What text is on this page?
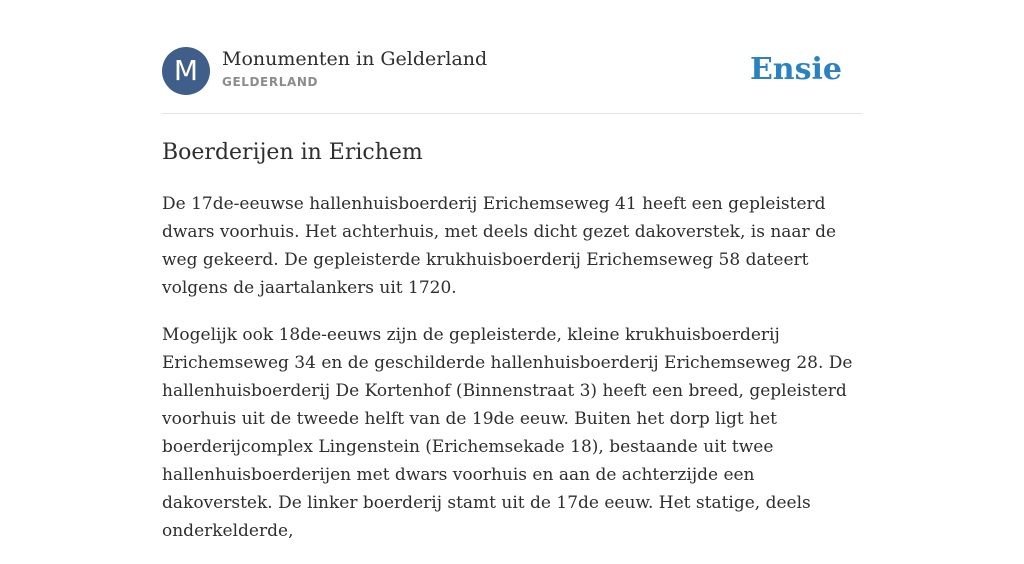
M	Monumenten in Gelderland
GELDERLAND	Ensie
Boerderijen in Erichem

De 17de-eeuwse hallenhuisboerderij Erichemseweg 41 heeft een gepleisterd dwars voorhuis. Het achterhuis, met deels dicht gezet dakoverstek, is naar de weg gekeerd. De gepleisterde krukhuisboerderij Erichemseweg 58 dateert volgens de jaartalankers uit 1720.

Mogelijk ook 18de-eeuws zijn de gepleisterde, kleine krukhuisboerderij Erichemseweg 34 en de geschilderde hallenhuisboerderij Erichemseweg 28. De hallenhuisboerderij De Kortenhof (Binnenstraat 3) heeft een breed, gepleisterd voorhuis uit de tweede helft van de 19de eeuw. Buiten het dorp ligt het boerderijcomplex Lingenstein (Erichemsekade 18), bestaande uit twee hallenhuisboerderijen met dwars voorhuis en aan de achterzijde een dakoverstek. De linker boerderij stamt uit de 17de eeuw. Het statige, deels onderkelderde,
